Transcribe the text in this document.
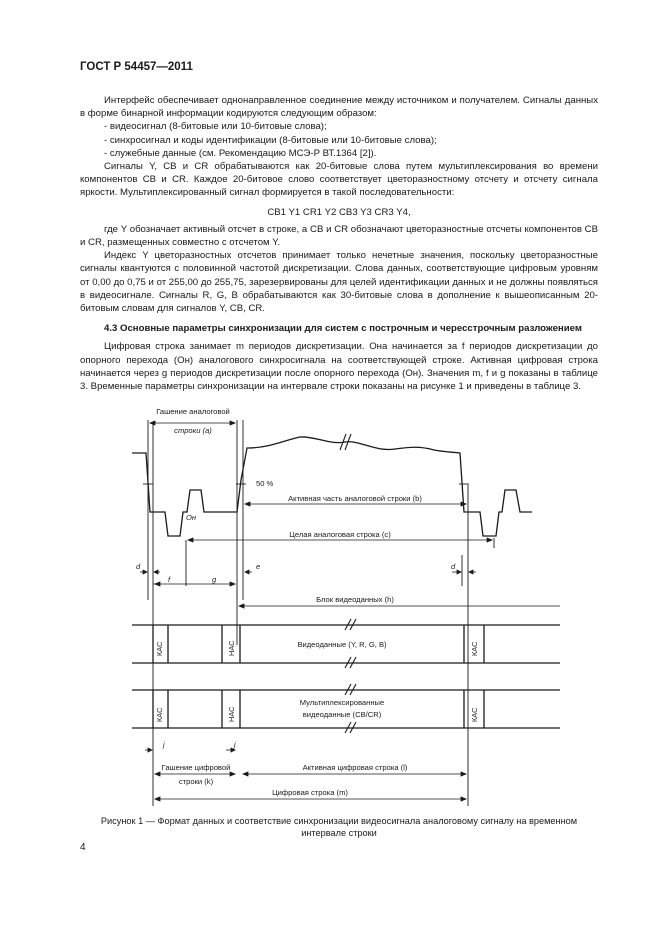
ГОСТ Р 54457—2011

Интерфейс обеспечивает однонаправленное соединение между источником и получателем. Сигналы данных в форме бинарной информации кодируются следующим образом:

- видеосигнал (8-битовые или 10-битовые слова);

- синхросигнал и коды идентификации (8-битовые или 10-битовые слова);

- служебные данные (см. Рекомендацию МСЭ-Р ВТ.1364 [2]).

Сигналы Y, CB и CR обрабатываются как 20-битовые слова путем мультиплексирования во времени компонентов CB и CR. Каждое 20-битовое слово соответствует цветоразностному отсчету и отсчету сигнала яркости. Мультиплексированный сигнал формируется в такой последовательности:

CB1 Y1 CR1 Y2 CB3 Y3 CR3 Y4,

где Y обозначает активный отсчет в строке, а CB и CR обозначают цветоразностные отсчеты компонентов CB и CR, размещенных совместно с отсчетом Y.

Индекс Y цветоразностных отсчетов принимает только нечетные значения, поскольку цветоразностные сигналы квантуются с половинной частотой дискретизации. Слова данных, соответствующие цифровым уровням от 0,00 до 0,75 и от 255,00 до 255,75, зарезервированы для целей идентификации данных и не должны появляться в видеосигнале. Сигналы R, G, B обрабатываются как 30-битовые слова в дополнение к вышеописанным 20-битовым словам для сигналов Y, CB, CR.

4.3 Основные параметры синхронизации для систем с построчным и чересстрочным разложением

Цифровая строка занимает m периодов дискретизации. Она начинается за f периодов дискретизации до опорного перехода (Oн) аналогового синхросигнала на соответствующей строке. Активная цифровая строка начинается через g периодов дискретизации после опорного перехода (Oн). Значения m, f и g показаны в таблице 3. Временные параметры синхронизации на интервале строки показаны на рисунке 1 и приведены в таблице 3.

Гашение аналоговой
строки (a)
50 %
Активная часть аналоговой строки (b)
Целая аналоговая строка (c)
Oн
d
f	g
e	d
Блок видеоданных (h)
Видеоданные (Y, R, G, B)
Мультиплексированные
видеоданные (CB/CR)
j	j
Гашение цифровой
строки (k)
Активная цифровая строка (l)
Цифровая строка (m)
КАС	НАС	КАС
КАС	НАС	КАС
Рисунок 1 — Формат данных и соответствие синхронизации видеосигнала аналоговому сигналу на временном интервале строки
4
